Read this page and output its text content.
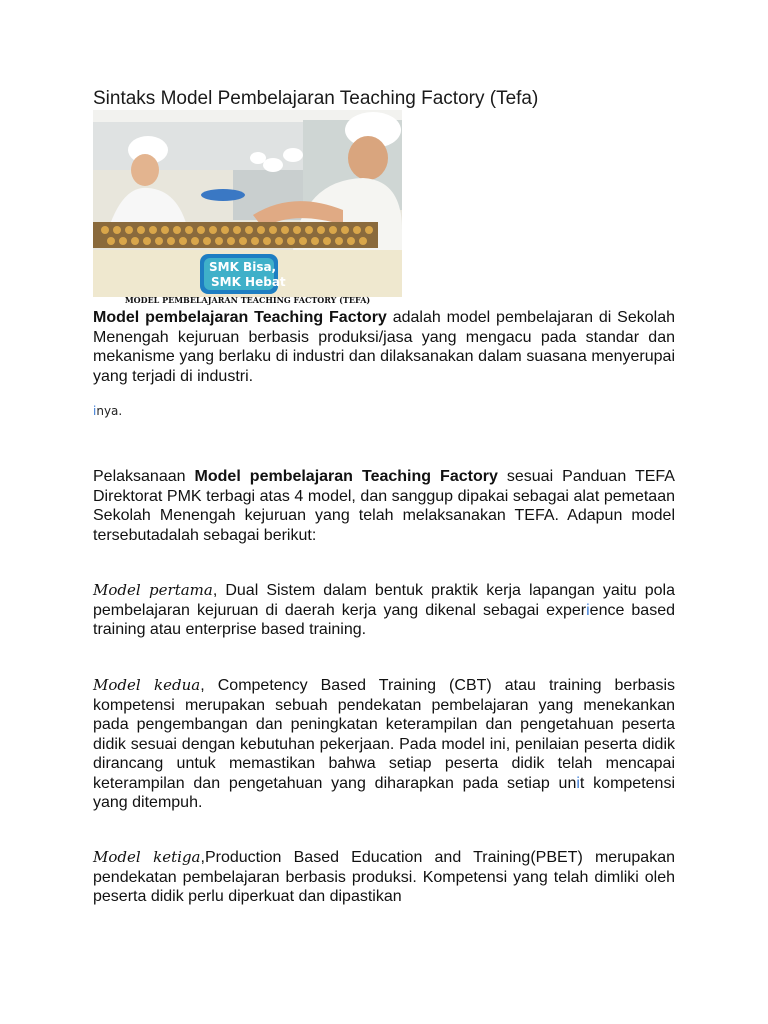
Sintaks Model Pembelajaran Teaching Factory (Tefa)
SMK Bisa,
SMK Hebat
MODEL PEMBELAJARAN TEACHING FACTORY (TEFA)

Model pembelajaran Teaching Factory adalah model pembelajaran di Sekolah Menengah kejuruan berbasis produksi/jasa yang mengacu pada standar dan mekanisme yang berlaku di industri dan dilaksanakan dalam suasana menyerupai yang terjadi di industri.

inya.

Pelaksanaan Model pembelajaran Teaching Factory sesuai Panduan TEFA Direktorat PMK terbagi atas 4 model, dan sanggup dipakai sebagai alat pemetaan Sekolah Menengah kejuruan yang telah melaksanakan TEFA. Adapun model tersebutadalah sebagai berikut:

Model pertama, Dual Sistem dalam bentuk praktik kerja lapangan yaitu pola pembelajaran kejuruan di daerah kerja yang dikenal sebagai experience based training atau enterprise based training.

Model kedua, Competency Based Training (CBT) atau training berbasis kompetensi merupakan sebuah pendekatan pembelajaran yang menekankan pada pengembangan dan peningkatan keterampilan dan pengetahuan peserta didik sesuai dengan kebutuhan pekerjaan. Pada model ini, penilaian peserta didik dirancang untuk memastikan bahwa setiap peserta didik telah mencapai keterampilan dan pengetahuan yang diharapkan pada setiap unit kompetensi yang ditempuh.

Model ketiga,Production Based Education and Training(PBET) merupakan pendekatan pembelajaran berbasis produksi. Kompetensi yang telah dimliki oleh peserta didik perlu diperkuat dan dipastikan
